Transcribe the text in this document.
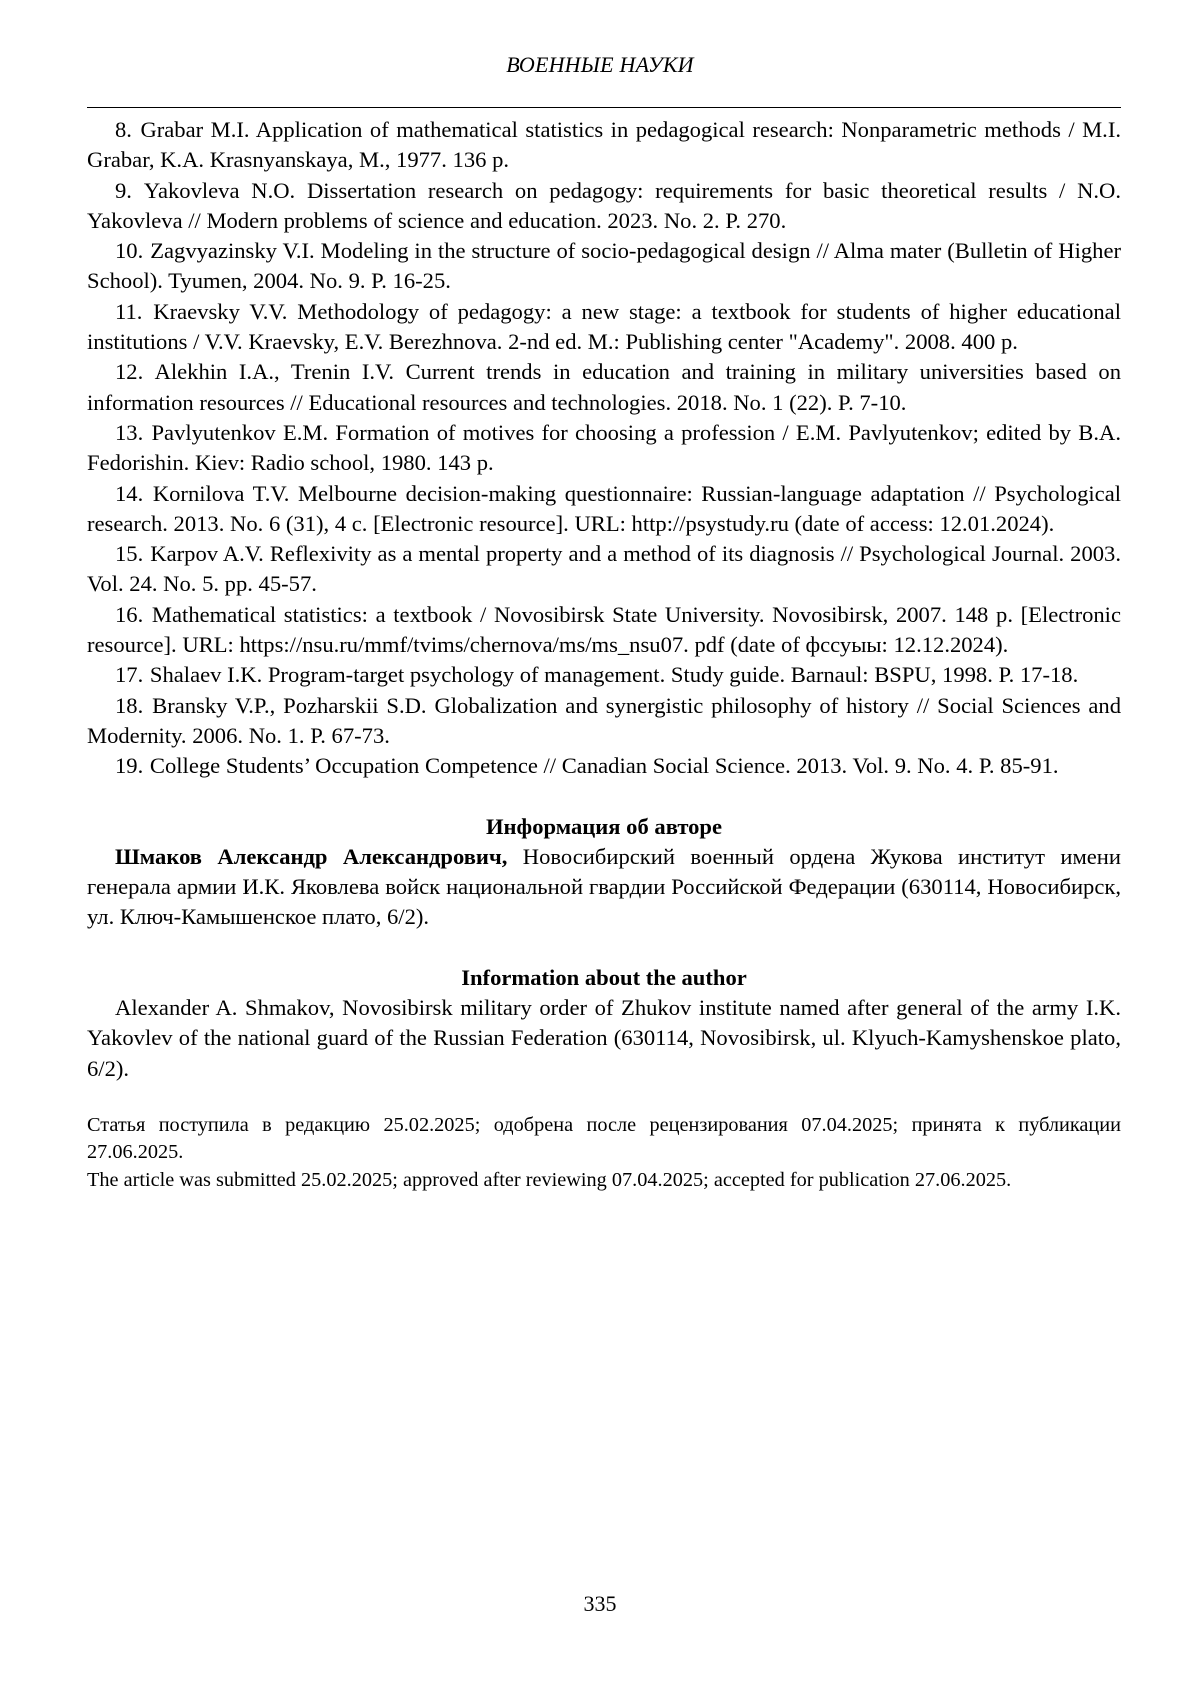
ВОЕННЫЕ НАУКИ

8. Grabar M.I. Application of mathematical statistics in pedagogical research: Nonparametric methods / M.I. Grabar, K.A. Krasnyanskaya, M., 1977. 136 p.

9. Yakovleva N.O. Dissertation research on pedagogy: requirements for basic theoretical results / N.O. Yakovleva // Modern problems of science and education. 2023. No. 2. P. 270.

10. Zagvyazinsky V.I. Modeling in the structure of socio-pedagogical design // Alma mater (Bulletin of Higher School). Tyumen, 2004. No. 9. P. 16-25.

11. Kraevsky V.V. Methodology of pedagogy: a new stage: a textbook for students of higher educational institutions / V.V. Kraevsky, E.V. Berezhnova. 2-nd ed. M.: Publishing center "Academy". 2008. 400 p.

12. Alekhin I.A., Trenin I.V. Current trends in education and training in military universities based on information resources // Educational resources and technologies. 2018. No. 1 (22). P. 7-10.

13. Pavlyutenkov E.M. Formation of motives for choosing a profession / E.M. Pavlyutenkov; edited by B.A. Fedorishin. Kiev: Radio school, 1980. 143 p.

14. Kornilova T.V. Melbourne decision-making questionnaire: Russian-language adaptation // Psychological research. 2013. No. 6 (31), 4 c. [Electronic resource]. URL: http://psystudy.ru (date of access: 12.01.2024).

15. Karpov A.V. Reflexivity as a mental property and a method of its diagnosis // Psychological Journal. 2003. Vol. 24. No. 5. pp. 45-57.

16. Mathematical statistics: a textbook / Novosibirsk State University. Novosibirsk, 2007. 148 p. [Electronic resource]. URL: https://nsu.ru/mmf/tvims/chernova/ms/ms_nsu07. pdf (date of фссуыы: 12.12.2024).

17. Shalaev I.K. Program-target psychology of management. Study guide. Barnaul: BSPU, 1998. P. 17-18.

18. Bransky V.P., Pozharskii S.D. Globalization and synergistic philosophy of history // Social Sciences and Modernity. 2006. No. 1. P. 67-73.

19. College Students’ Occupation Competence // Canadian Social Science. 2013. Vol. 9. No. 4. P. 85-91.

Информация об авторе

Шмаков Александр Александрович, Новосибирский военный ордена Жукова институт имени генерала армии И.К. Яковлева войск национальной гвардии Российской Федерации (630114, Новосибирск, ул. Ключ-Камышенское плато, 6/2).

Information about the author

Alexander A. Shmakov, Novosibirsk military order of Zhukov institute named after general of the army I.K. Yakovlev of the national guard of the Russian Federation (630114, Novosibirsk, ul. Klyuch-Kamyshenskoe plato, 6/2).

Статья поступила в редакцию 25.02.2025; одобрена после рецензирования 07.04.2025; принята к публикации 27.06.2025.

The article was submitted 25.02.2025; approved after reviewing 07.04.2025; accepted for publication 27.06.2025.

335
